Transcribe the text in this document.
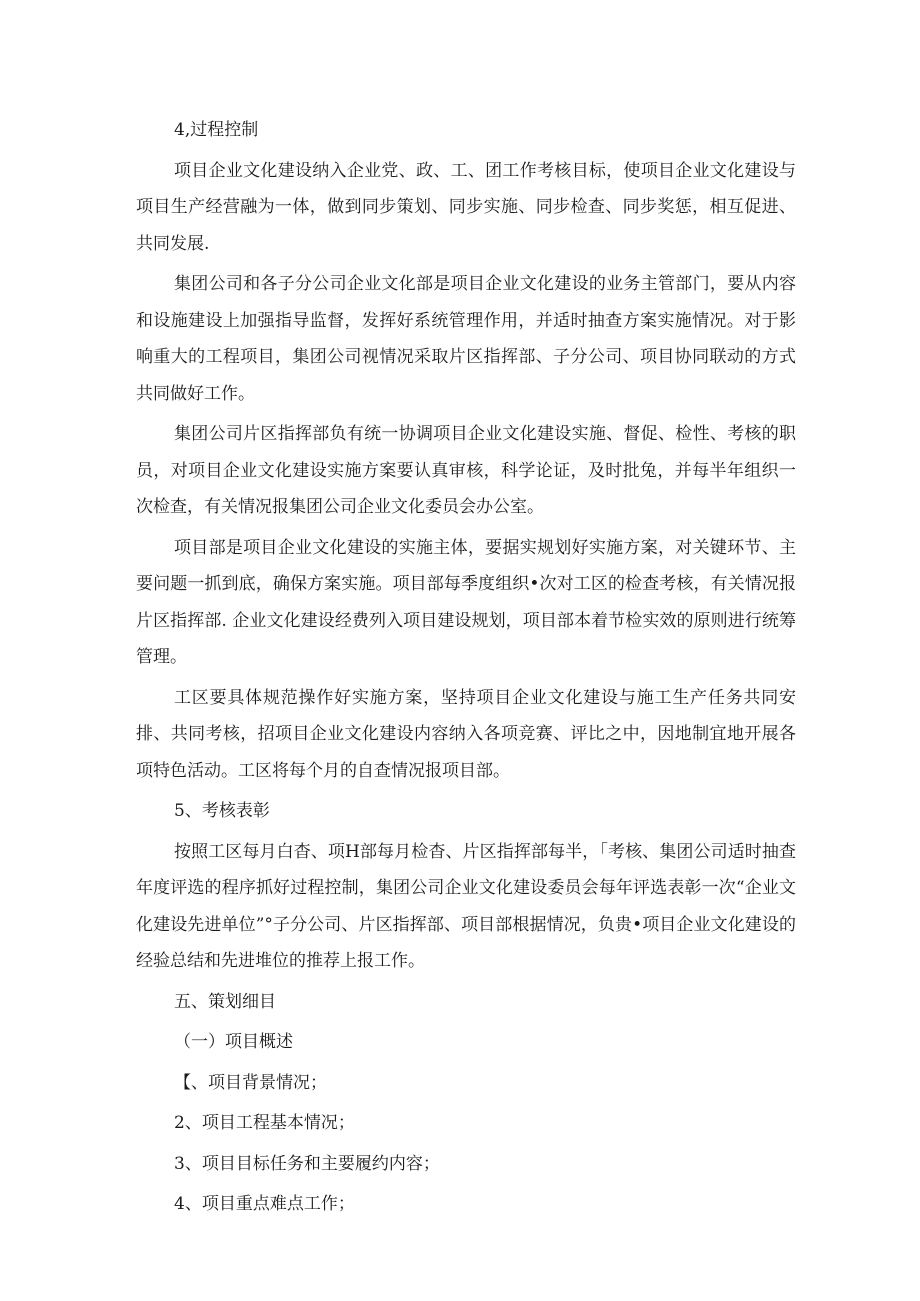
4,过程控制

项目企业文化建设纳入企业党、政、工、团工作考核目标，使项目企业文化建设与项目生产经营融为一体，做到同步策划、同步实施、同步检查、同步奖惩，相互促进、共同发展.

集团公司和各子分公司企业文化部是项目企业文化建设的业务主管部门，要从内容和设施建设上加强指导监督，发挥好系统管理作用，并适时抽查方案实施情况。对于影响重大的工程项目，集团公司视情况采取片区指挥部、子分公司、项目协同联动的方式共同做好工作。

集团公司片区指挥部负有统一协调项目企业文化建设实施、督促、检性、考核的职员，对项目企业文化建设实施方案要认真审核，科学论证，及时批兔，并每半年组织一次检查，有关情况报集团公司企业文化委员会办公室。

项目部是项目企业文化建设的实施主体，要据实规划好实施方案，对关键环节、主要问题一抓到底，确保方案实施。项目部每季度组织•次对工区的检查考核，有关情况报片区指挥部. 企业文化建设经费列入项目建设规划，项目部本着节检实效的原则进行统筹管理。

工区要具体规范操作好实施方案，坚持项目企业文化建设与施工生产任务共同安排、共同考核，招项目企业文化建设内容纳入各项竞赛、评比之中，因地制宜地开展各项特色活动。工区将每个月的自查情况报项目部。

5、考核表彰

按照工区每月白杳、项H部每月检杳、片区指挥部每半，「考核、集团公司适时抽查年度评选的程序抓好过程控制，集团公司企业文化建设委员会每年评选表彰一次“企业文化建设先进单位”°子分公司、片区指挥部、项目部根据情况，负贵•项目企业文化建设的经验总结和先进堆位的推荐上报工作。

五、策划细目

（一）项目概述

【、项目背景情况；

2、项目工程基本情况；

3、项目目标任务和主要履约内容；

4、项目重点难点工作；
